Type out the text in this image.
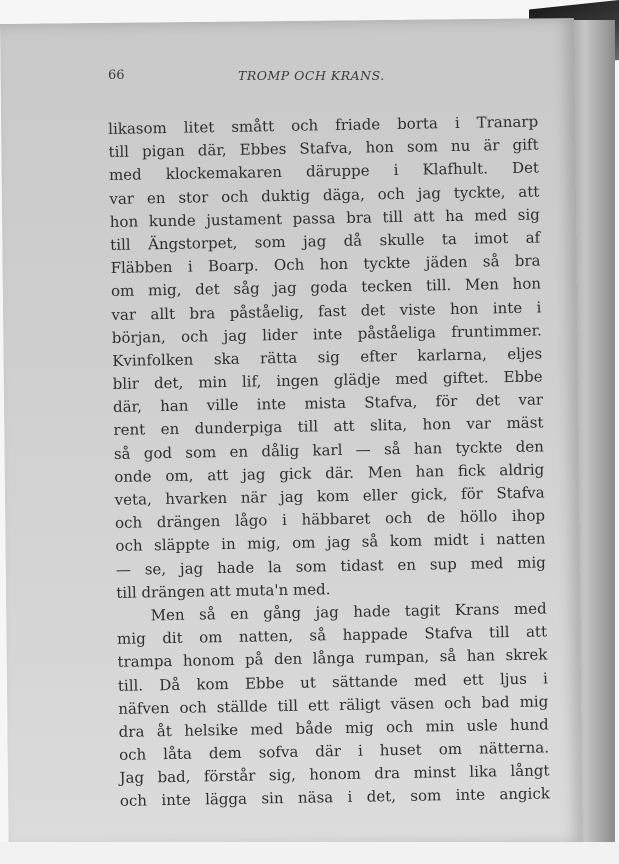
66	TROMP OCH KRANS.
likasom litet smått och friade borta i Tranarp
till pigan där, Ebbes Stafva, hon som nu är gift
med klockemakaren däruppe i Klafhult. Det
var en stor och duktig däga, och jag tyckte, att
hon kunde justament passa bra till att ha med sig
till Ängstorpet, som jag då skulle ta imot af
Fläbben i Boarp. Och hon tyckte jäden så bra
om mig, det såg jag goda tecken till. Men hon
var allt bra påståelig, fast det viste hon inte i
början, och jag lider inte påståeliga fruntimmer.
Kvinfolken ska rätta sig efter karlarna, eljes
blir det, min lif, ingen glädje med giftet. Ebbe
där, han ville inte mista Stafva, för det var
rent en dunderpiga till att slita, hon var mäst
så god som en dålig karl — så han tyckte den
onde om, att jag gick där. Men han fick aldrig
veta, hvarken när jag kom eller gick, för Stafva
och drängen lågo i häbbaret och de höllo ihop
och släppte in mig, om jag så kom midt i natten
— se, jag hade la som tidast en sup med mig
till drängen att muta'n med.
Men så en gång jag hade tagit Krans med
mig dit om natten, så happade Stafva till att
trampa honom på den långa rumpan, så han skrek
till. Då kom Ebbe ut sättande med ett ljus i
näfven och ställde till ett räligt väsen och bad mig
dra åt helsike med både mig och min usle hund
och låta dem sofva där i huset om nätterna.
Jag bad, förstår sig, honom dra minst lika långt
och inte lägga sin näsa i det, som inte angick
